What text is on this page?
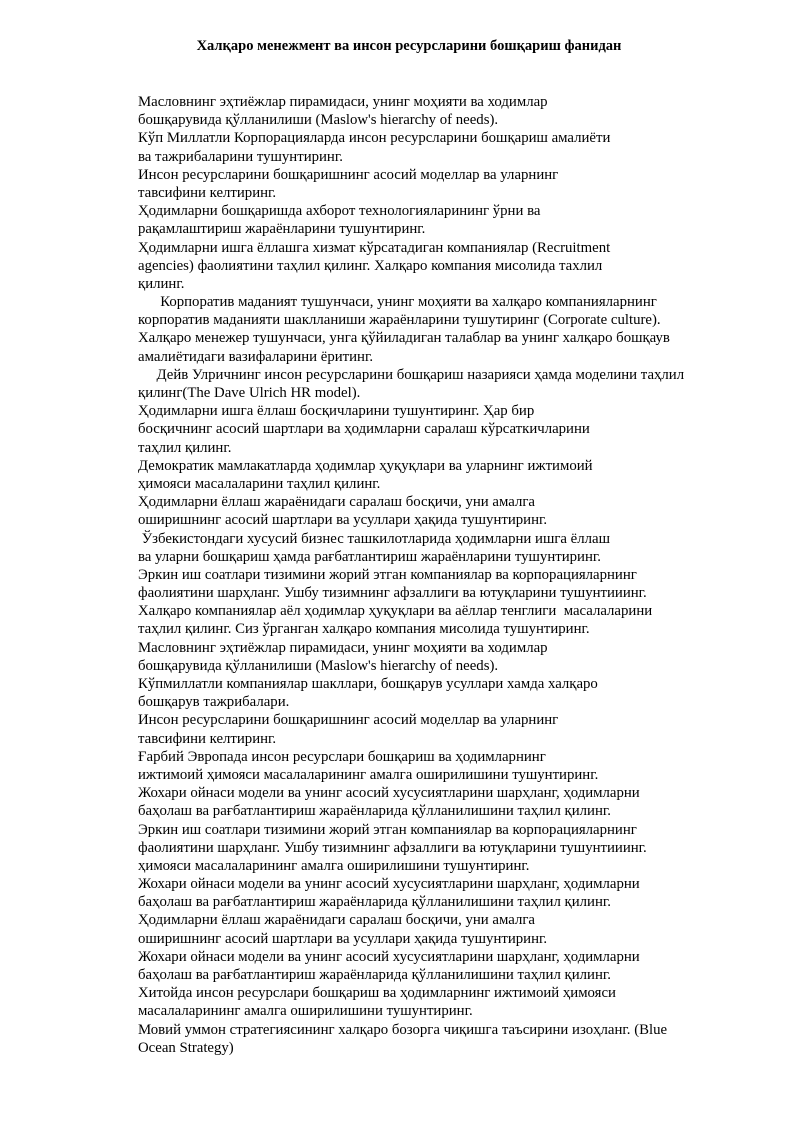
Халқаро менежмент ва инсон ресурсларини бошқариш фанидан
Масловнинг эҳтиёжлар пирамидаси, унинг моҳияти ва ходимлар
бошқарувида қўлланилиши (Maslow's hierarchy of needs).
Кўп Миллатли Корпорацияларда инсон ресурсларини бошқариш амалиёти
ва тажрибаларини тушунтиринг.
Инсон ресурсларини бошқаришнинг асосий моделлар ва уларнинг
тавсифини келтиринг.
Ҳодимларни бошқаришда ахборот технологияларининг ўрни ва
рақамлаштириш жараёнларини тушунтиринг.
Ҳодимларни ишга ёллашга хизмат кўрсатадиган компаниялар (Recruitment
agencies) фаолиятини таҳлил қилинг. Халқаро компания мисолида тахлил
қилинг.
Корпоратив маданият тушунчаси, унинг моҳияти ва халқаро компанияларнинг
корпоратив маданияти шаклланиши жараёнларини тушутиринг (Corporate culture).
Халқаро менежер тушунчаси, унга қўйиладиган талаблар ва унинг халқаро бошқаув
амалиётидаги вазифаларини ёритинг.
Дейв Улричнинг инсон ресурсларини бошқариш назарияси ҳамда моделини таҳлил
қилинг(The Dave Ulrich HR model).
Ҳодимларни ишга ёллаш босқичларини тушунтиринг. Ҳар бир
босқичнинг асосий шартлари ва ҳодимларни саралаш кўрсаткичларини
таҳлил қилинг.
Демократик мамлакатларда ҳодимлар ҳуқуқлари ва уларнинг ижтимоий
ҳимояси масалаларини таҳлил қилинг.
Ҳодимларни ёллаш жараёнидаги саралаш босқичи, уни амалга
оширишнинг асосий шартлари ва усуллари ҳақида тушунтиринг.
Ўзбекистондаги хусусий бизнес ташкилотларида ҳодимларни ишга ёллаш
ва уларни бошқариш ҳамда рағбатлантириш жараёнларини тушунтиринг.
Эркин иш соатлари тизимини жорий этган компаниялар ва корпорацияларнинг
фаолиятини шарҳланг. Ушбу тизимнинг афзаллиги ва ютуқларини тушунтииинг.
Халқаро компаниялар аёл ҳодимлар ҳуқуқлари ва аёллар тенглиги  масалаларини
таҳлил қилинг. Сиз ўрганган халқаро компания мисолида тушунтиринг.
Масловнинг эҳтиёжлар пирамидаси, унинг моҳияти ва ходимлар
бошқарувида қўлланилиши (Maslow's hierarchy of needs).
Кўпмиллатли компаниялар шакллари, бошқарув усуллари хамда халқаро
бошқарув тажрибалари.
Инсон ресурсларини бошқаришнинг асосий моделлар ва уларнинг
тавсифини келтиринг.
Ғарбий Эвропада инсон ресурслари бошқариш ва ҳодимларнинг
ижтимоий ҳимояси масалаларининг амалга оширилишини тушунтиринг.
Жохари ойнаси модели ва унинг асосий хусусиятларини шарҳланг, ҳодимларни
баҳолаш ва рағбатлантириш жараёнларида қўлланилишини таҳлил қилинг.
Эркин иш соатлари тизимини жорий этган компаниялар ва корпорацияларнинг
фаолиятини шарҳланг. Ушбу тизимнинг афзаллиги ва ютуқларини тушунтииинг.
ҳимояси масалаларининг амалга оширилишини тушунтиринг.
Жохари ойнаси модели ва унинг асосий хусусиятларини шарҳланг, ҳодимларни
баҳолаш ва рағбатлантириш жараёнларида қўлланилишини таҳлил қилинг.
Ҳодимларни ёллаш жараёнидаги саралаш босқичи, уни амалга
оширишнинг асосий шартлари ва усуллари ҳақида тушунтиринг.
Жохари ойнаси модели ва унинг асосий хусусиятларини шарҳланг, ҳодимларни
баҳолаш ва рағбатлантириш жараёнларида қўлланилишини таҳлил қилинг.
Хитойда инсон ресурслари бошқариш ва ҳодимларнинг ижтимоий ҳимояси
масалаларининг амалга оширилишини тушунтиринг.
Мовий уммон стратегиясининг халқаро бозорга чиқишга таъсирини изоҳланг. (Blue
Ocean Strategy)
